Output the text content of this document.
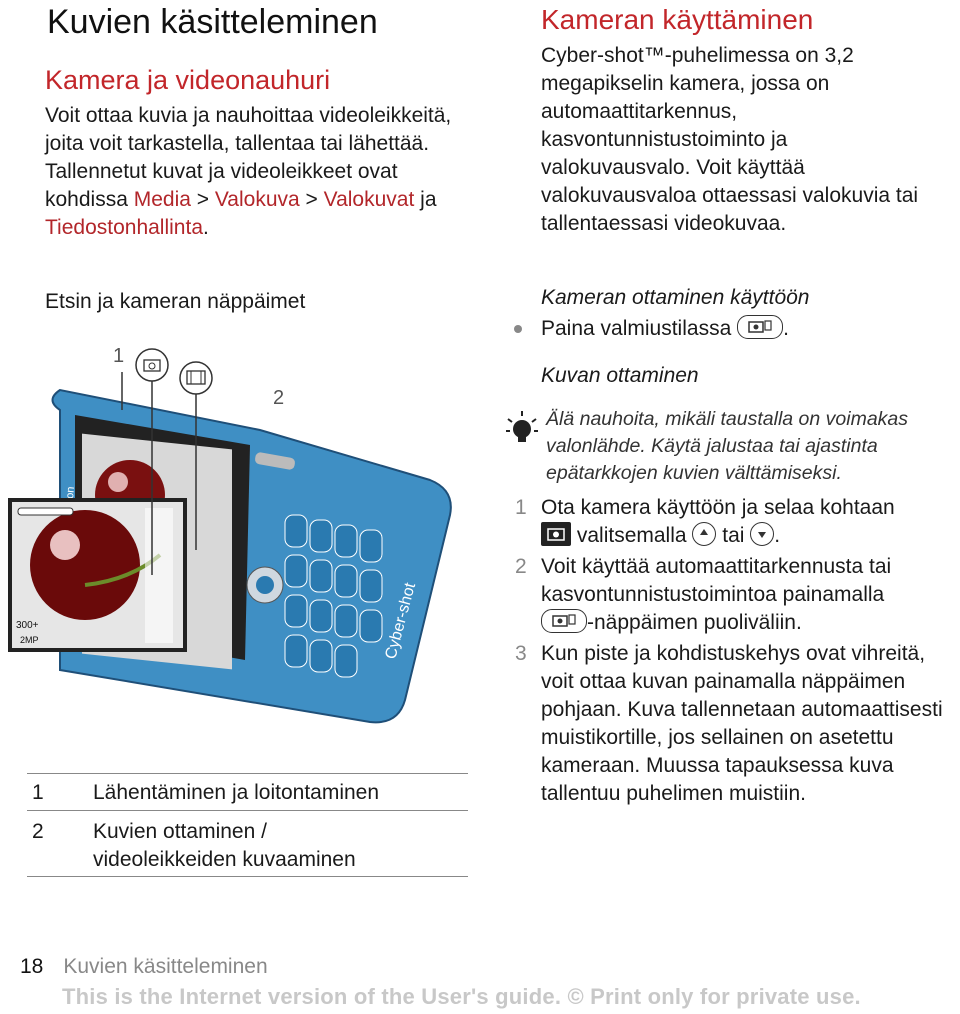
Kuvien käsitteleminen
Kamera ja videonauhuri
Voit ottaa kuvia ja nauhoittaa videoleikkeitä, joita voit tarkastella, tallentaa tai lähettää. Tallennetut kuvat ja videoleikkeet ovat kohdissa Media > Valokuva > Valokuvat ja Tiedostonhallinta.
Etsin ja kameran näppäimet
Cyber-shot
300+
2MP
1
2
1	Lähentäminen ja loitontaminen
2	Kuvien ottaminen /
videoleikkeiden kuvaaminen
Kameran käyttäminen
Cyber-shot™-puhelimessa on 3,2 megapikselin kamera, jossa on automaattitarkennus, kasvontunnistustoiminto ja valokuvausvalo. Voit käyttää valokuvausvaloa ottaessasi valokuvia tai tallentaessasi videokuvaa.
Kameran ottaminen käyttöön
Paina valmiustilassa .
Kuvan ottaminen
Älä nauhoita, mikäli taustalla on voimakas valonlähde. Käytä jalustaa tai ajastinta epätarkkojen kuvien välttämiseksi.
1 Ota kamera käyttöön ja selaa kohtaan

valitsemalla tai .
2 Voit käyttää automaattitarkennusta tai kasvontunnistustoimintoa painamalla

-näppäimen puoliväliin.
3 Kun piste ja kohdistuskehys ovat vihreitä, voit ottaa kuvan painamalla näppäimen pohjaan. Kuva tallennetaan automaattisesti muistikortille, jos sellainen on asetettu kameraan. Muussa tapauksessa kuva tallentuu puhelimen muistiin.
18 Kuvien käsitteleminen
This is the Internet version of the User's guide. © Print only for private use.
